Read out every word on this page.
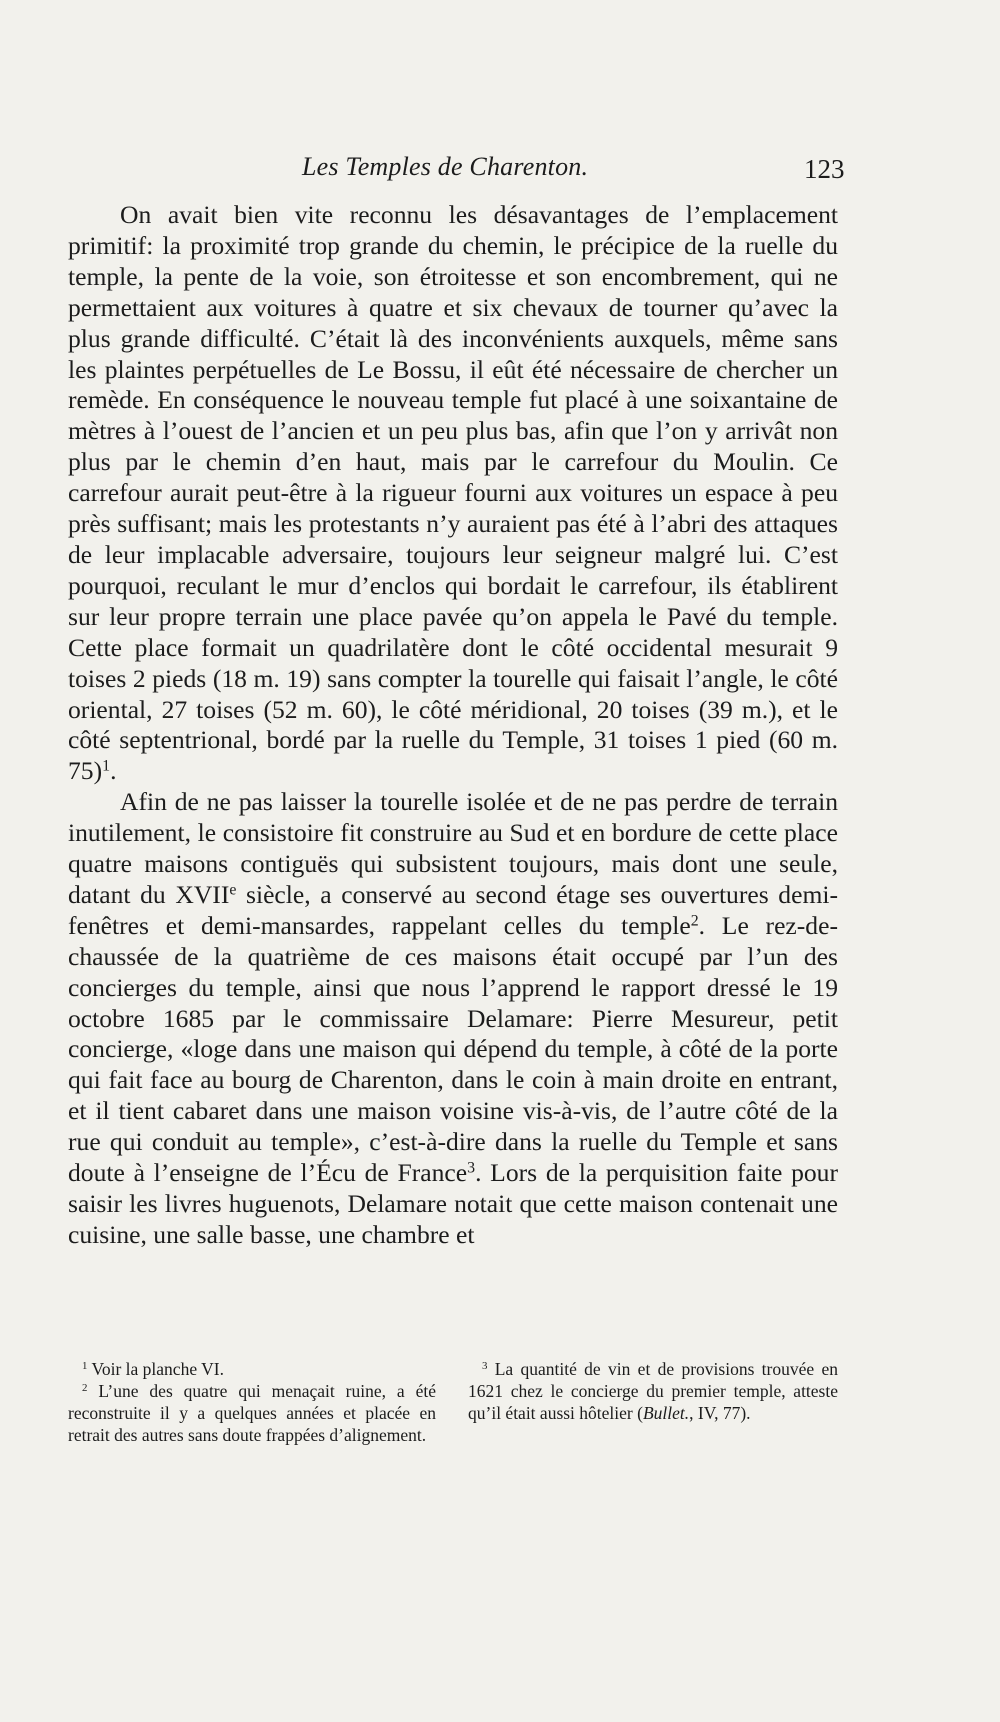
Les Temples de Charenton.	123

On avait bien vite reconnu les désavantages de l’emplacement primitif: la proximité trop grande du chemin, le précipice de la ruelle du temple, la pente de la voie, son étroitesse et son encombrement, qui ne permettaient aux voitures à quatre et six chevaux de tourner qu’avec la plus grande difficulté. C’était là des inconvénients auxquels, même sans les plaintes perpétuelles de Le Bossu, il eût été nécessaire de chercher un remède. En conséquence le nouveau temple fut placé à une soixantaine de mètres à l’ouest de l’ancien et un peu plus bas, afin que l’on y arrivât non plus par le chemin d’en haut, mais par le carrefour du Moulin. Ce carrefour aurait peut-être à la rigueur fourni aux voitures un espace à peu près suffisant; mais les protestants n’y auraient pas été à l’abri des attaques de leur implacable adversaire, toujours leur seigneur malgré lui. C’est pourquoi, reculant le mur d’enclos qui bordait le carrefour, ils établirent sur leur propre terrain une place pavée qu’on appela le Pavé du temple. Cette place formait un quadrilatère dont le côté occidental mesurait 9 toises 2 pieds (18 m. 19) sans compter la tourelle qui faisait l’angle, le côté oriental, 27 toises (52 m. 60), le côté méridional, 20 toises (39 m.), et le côté septentrional, bordé par la ruelle du Temple, 31 toises 1 pied (60 m. 75)$^1$.

Afin de ne pas laisser la tourelle isolée et de ne pas perdre de terrain inutilement, le consistoire fit construire au Sud et en bordure de cette place quatre maisons contiguës qui subsistent toujours, mais dont une seule, datant du XVIIe siècle, a conservé au second étage ses ouvertures demi-fenêtres et demi-mansardes, rappelant celles du temple$^2$. Le rez-de-chaussée de la quatrième de ces maisons était occupé par l’un des concierges du temple, ainsi que nous l’apprend le rapport dressé le 19 octobre 1685 par le commissaire Delamare: Pierre Mesureur, petit concierge, «loge dans une maison qui dépend du temple, à côté de la porte qui fait face au bourg de Charenton, dans le coin à main droite en entrant, et il tient cabaret dans une maison voisine vis-à-vis, de l’autre côté de la rue qui conduit au temple», c’est-à-dire dans la ruelle du Temple et sans doute à l’enseigne de l’Écu de France$^3$. Lors de la perquisition faite pour saisir les livres huguenots, Delamare notait que cette maison contenait une cuisine, une salle basse, une chambre et

$^1$ Voir la planche VI.

$^2$ L’une des quatre qui menaçait ruine, a été reconstruite il y a quelques années et placée en retrait des autres sans doute frappées d’alignement.

$^3$ La quantité de vin et de provisions trouvée en 1621 chez le concierge du premier temple, atteste qu’il était aussi hôtelier (Bullet., IV, 77).
